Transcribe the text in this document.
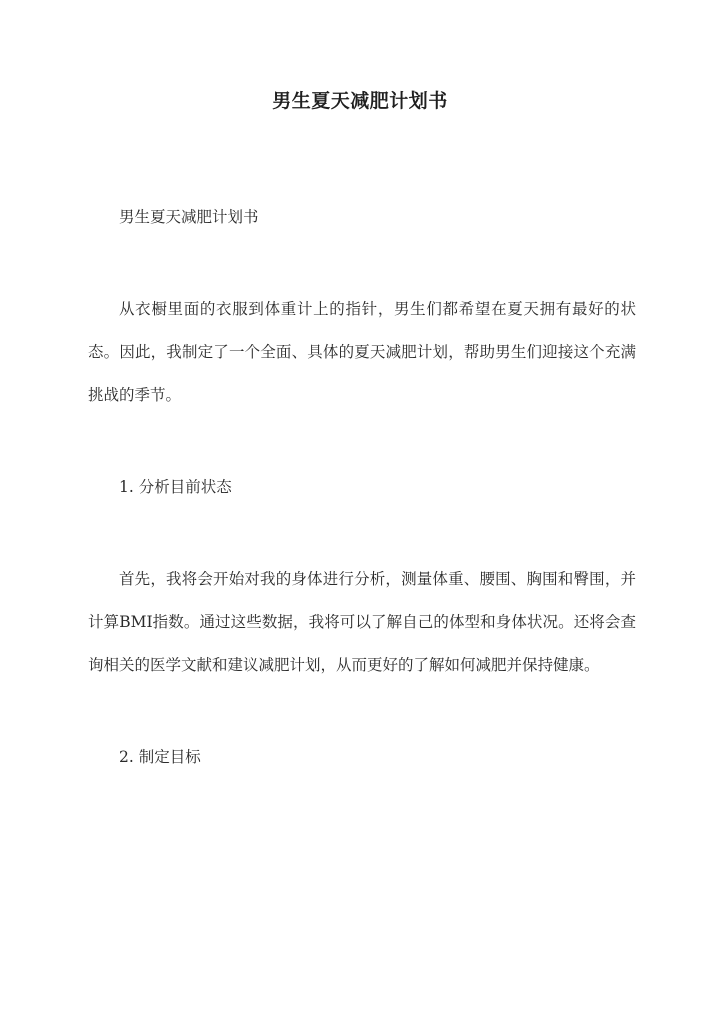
男生夏天减肥计划书

男生夏天减肥计划书

从衣橱里面的衣服到体重计上的指针，男生们都希望在夏天拥有最好的状态。因此，我制定了一个全面、具体的夏天减肥计划，帮助男生们迎接这个充满挑战的季节。

1. 分析目前状态

首先，我将会开始对我的身体进行分析，测量体重、腰围、胸围和臀围，并计算BMI指数。通过这些数据，我将可以了解自己的体型和身体状况。还将会查询相关的医学文献和建议减肥计划，从而更好的了解如何减肥并保持健康。

2. 制定目标
